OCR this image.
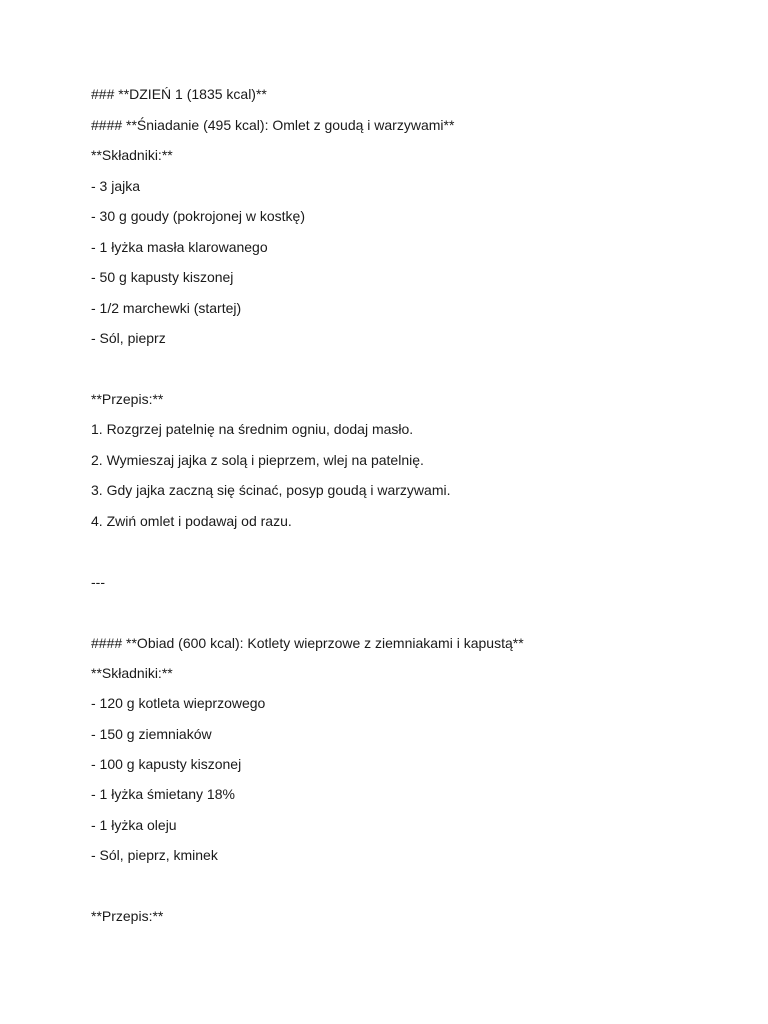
### **DZIEŃ 1 (1835 kcal)**
#### **Śniadanie (495 kcal): Omlet z goudą i warzywami**
**Składniki:**
- 3 jajka
- 30 g goudy (pokrojonej w kostkę)
- 1 łyżka masła klarowanego
- 50 g kapusty kiszonej
- 1/2 marchewki (startej)
- Sól, pieprz
**Przepis:**
1. Rozgrzej patelnię na średnim ogniu, dodaj masło.
2. Wymieszaj jajka z solą i pieprzem, wlej na patelnię.
3. Gdy jajka zaczną się ścinać, posyp goudą i warzywami.
4. Zwiń omlet i podawaj od razu.
---
#### **Obiad (600 kcal): Kotlety wieprzowe z ziemniakami i kapustą**
**Składniki:**
- 120 g kotleta wieprzowego
- 150 g ziemniaków
- 100 g kapusty kiszonej
- 1 łyżka śmietany 18%
- 1 łyżka oleju
- Sól, pieprz, kminek
**Przepis:**
